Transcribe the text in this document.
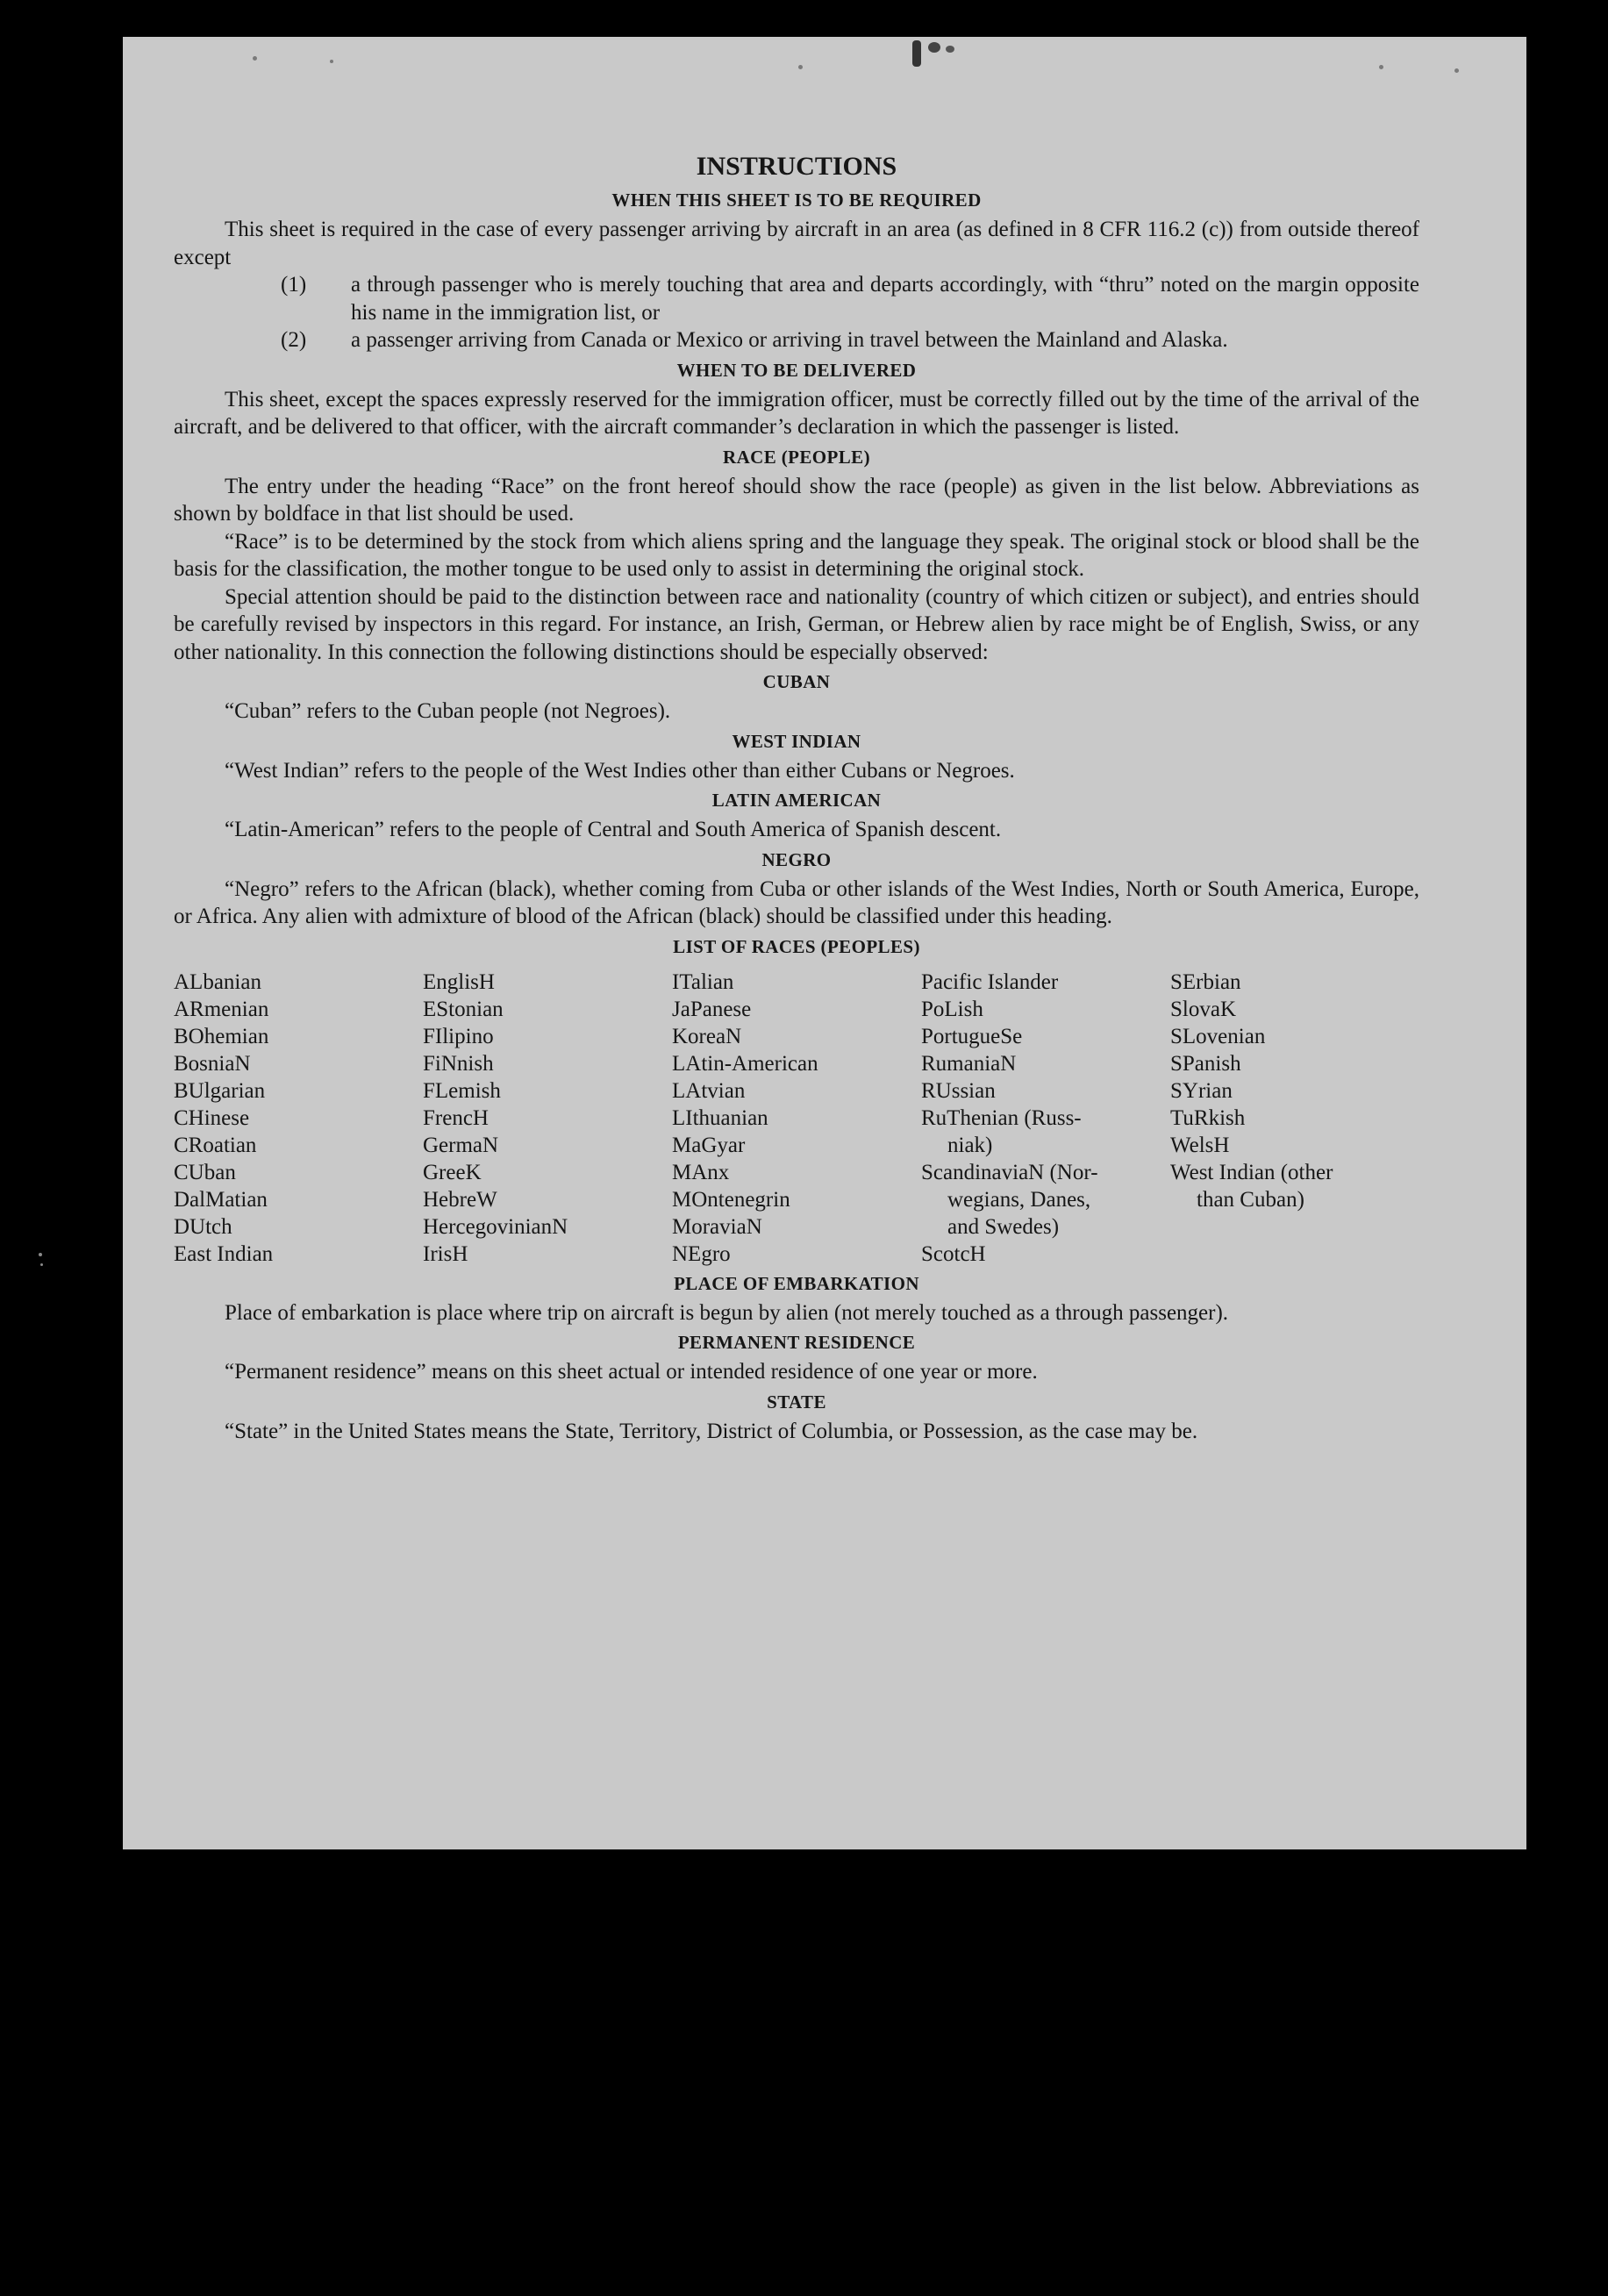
INSTRUCTIONS
WHEN THIS SHEET IS TO BE REQUIRED

This sheet is required in the case of every passenger arriving by aircraft in an area (as defined in 8 CFR 116.2 (c)) from outside thereof except

(1) a through passenger who is merely touching that area and departs accordingly, with “thru” noted on the margin opposite his name in the immigration list, or
(2) a passenger arriving from Canada or Mexico or arriving in travel between the Mainland and Alaska.
WHEN TO BE DELIVERED

This sheet, except the spaces expressly reserved for the immigration officer, must be correctly filled out by the time of the arrival of the aircraft, and be delivered to that officer, with the aircraft commander’s declaration in which the passenger is listed.

RACE (PEOPLE)

The entry under the heading “Race” on the front hereof should show the race (people) as given in the list below. Abbreviations as shown by boldface in that list should be used.

“Race” is to be determined by the stock from which aliens spring and the language they speak. The original stock or blood shall be the basis for the classification, the mother tongue to be used only to assist in determining the original stock.

Special attention should be paid to the distinction between race and nationality (country of which citizen or subject), and entries should be carefully revised by inspectors in this regard. For instance, an Irish, German, or Hebrew alien by race might be of English, Swiss, or any other nationality. In this connection the following distinctions should be especially observed:

CUBAN

“Cuban” refers to the Cuban people (not Negroes).

WEST INDIAN

“West Indian” refers to the people of the West Indies other than either Cubans or Negroes.

LATIN AMERICAN

“Latin-American” refers to the people of Central and South America of Spanish descent.

NEGRO

“Negro” refers to the African (black), whether coming from Cuba or other islands of the West Indies, North or South America, Europe, or Africa. Any alien with admixture of blood of the African (black) should be classified under this heading.

LIST OF RACES (PEOPLES)
ALbanian
ARmenian
BOhemian
BosniaN
BUlgarian
CHinese
CRoatian
CUban
DalMatian
DUtch
East Indian
EnglisH
EStonian
FIlipino
FiNnish
FLemish
FrencH
GermaN
GreeK
HebreW
HercegovinianN
IrisH
ITalian
JaPanese
KoreaN
LAtin-American
LAtvian
LIthuanian
MaGyar
MAnx
MOntenegrin
MoraviaN
NEgro
Pacific Islander
PoLish
PortugueSe
RumaniaN
RUssian
RuThenian (Russ-
niak)
ScandinaviaN (Nor-
wegians, Danes,
and Swedes)
ScotcH
SErbian
SlovaK
SLovenian
SPanish
SYrian
TuRkish
WelsH
West Indian (other
than Cuban)
PLACE OF EMBARKATION

Place of embarkation is place where trip on aircraft is begun by alien (not merely touched as a through passenger).

PERMANENT RESIDENCE

“Permanent residence” means on this sheet actual or intended residence of one year or more.

STATE

“State” in the United States means the State, Territory, District of Columbia, or Possession, as the case may be.
